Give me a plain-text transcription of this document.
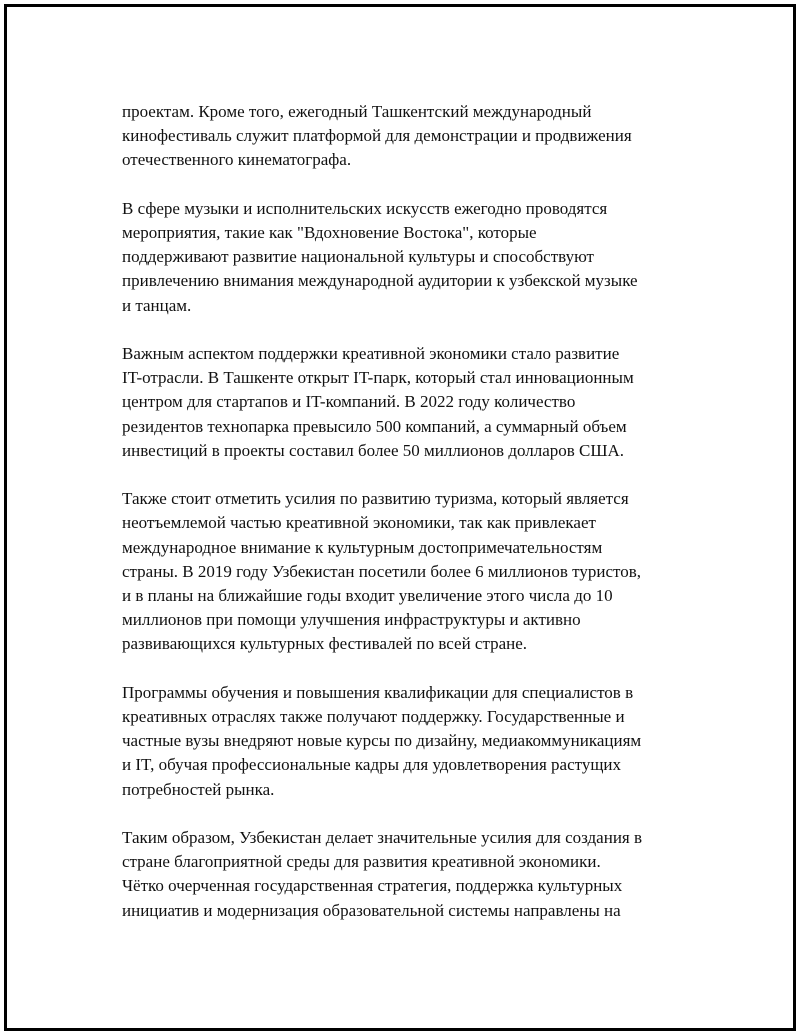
проектам. Кроме того, ежегодный Ташкентский международный
кинофестиваль служит платформой для демонстрации и продвижения
отечественного кинематографа.

В сфере музыки и исполнительских искусств ежегодно проводятся
мероприятия, такие как "Вдохновение Востока", которые
поддерживают развитие национальной культуры и способствуют
привлечению внимания международной аудитории к узбекской музыке
и танцам.

Важным аспектом поддержки креативной экономики стало развитие
IT-отрасли. В Ташкенте открыт IT-парк, который стал инновационным
центром для стартапов и IT-компаний. В 2022 году количество
резидентов технопарка превысило 500 компаний, а суммарный объем
инвестиций в проекты составил более 50 миллионов долларов США.

Также стоит отметить усилия по развитию туризма, который является
неотъемлемой частью креативной экономики, так как привлекает
международное внимание к культурным достопримечательностям
страны. В 2019 году Узбекистан посетили более 6 миллионов туристов,
и в планы на ближайшие годы входит увеличение этого числа до 10
миллионов при помощи улучшения инфраструктуры и активно
развивающихся культурных фестивалей по всей стране.

Программы обучения и повышения квалификации для специалистов в
креативных отраслях также получают поддержку. Государственные и
частные вузы внедряют новые курсы по дизайну, медиакоммуникациям
и IT, обучая профессиональные кадры для удовлетворения растущих
потребностей рынка.

Таким образом, Узбекистан делает значительные усилия для создания в
стране благоприятной среды для развития креативной экономики.
Чётко очерченная государственная стратегия, поддержка культурных
инициатив и модернизация образовательной системы направлены на
